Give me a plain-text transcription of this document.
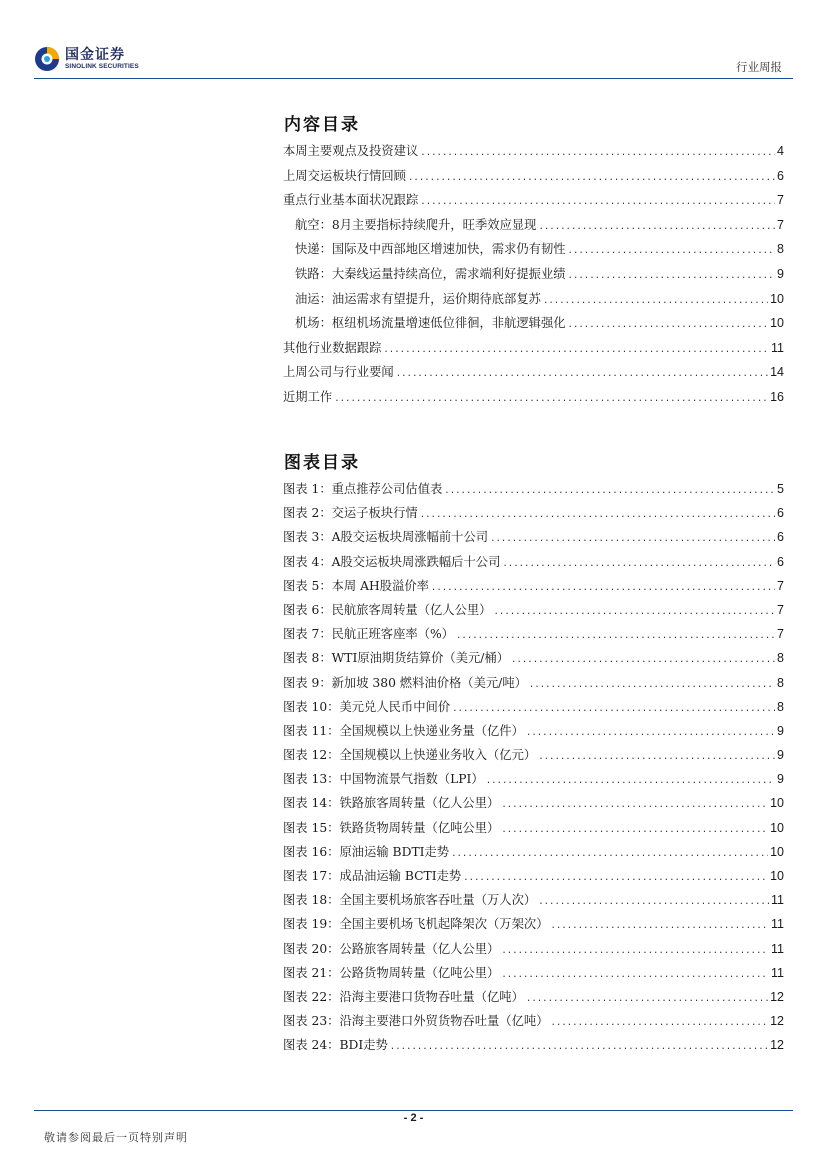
国金证券
SINOLINK SECURITIES	行业周报
内容目录
本周主要观点及投资建议 .....	4
上周交运板块行情回顾 .....	6
重点行业基本面状况跟踪 .....	7
航空：8月主要指标持续爬升，旺季效应显现 .....	7
快递：国际及中西部地区增速加快，需求仍有韧性 .....	8
铁路：大秦线运量持续高位，需求端利好提振业绩 .....	9
油运：油运需求有望提升，运价期待底部复苏 .....	10
机场：枢纽机场流量增速低位徘徊，非航逻辑强化 .....	10
其他行业数据跟踪 .....	11
上周公司与行业要闻 .....	14
近期工作 .....	16
图表目录
图表 1：重点推荐公司估值表 .....	5
图表 2：交运子板块行情 .....	6
图表 3：A股交运板块周涨幅前十公司 .....	6
图表 4：A股交运板块周涨跌幅后十公司 .....	6
图表 5：本周 AH股溢价率 .....	7
图表 6：民航旅客周转量（亿人公里） .....	7
图表 7：民航正班客座率（%） .....	7
图表 8：WTI原油期货结算价（美元/桶） .....	8
图表 9：新加坡 380 燃料油价格（美元/吨） .....	8
图表 10：美元兑人民币中间价 .....	8
图表 11：全国规模以上快递业务量（亿件） .....	9
图表 12：全国规模以上快递业务收入（亿元） .....	9
图表 13：中国物流景气指数（LPI） .....	9
图表 14：铁路旅客周转量（亿人公里） .....	10
图表 15：铁路货物周转量（亿吨公里） .....	10
图表 16：原油运输 BDTI走势 .....	10
图表 17：成品油运输 BCTI走势 .....	10
图表 18：全国主要机场旅客吞吐量（万人次） .....	11
图表 19：全国主要机场飞机起降架次（万架次） .....	11
图表 20：公路旅客周转量（亿人公里） .....	11
图表 21：公路货物周转量（亿吨公里） .....	11
图表 22：沿海主要港口货物吞吐量（亿吨） .....	12
图表 23：沿海主要港口外贸货物吞吐量（亿吨） .....	12
图表 24：BDI走势 .....	12
- 2 -
敬请参阅最后一页特别声明
